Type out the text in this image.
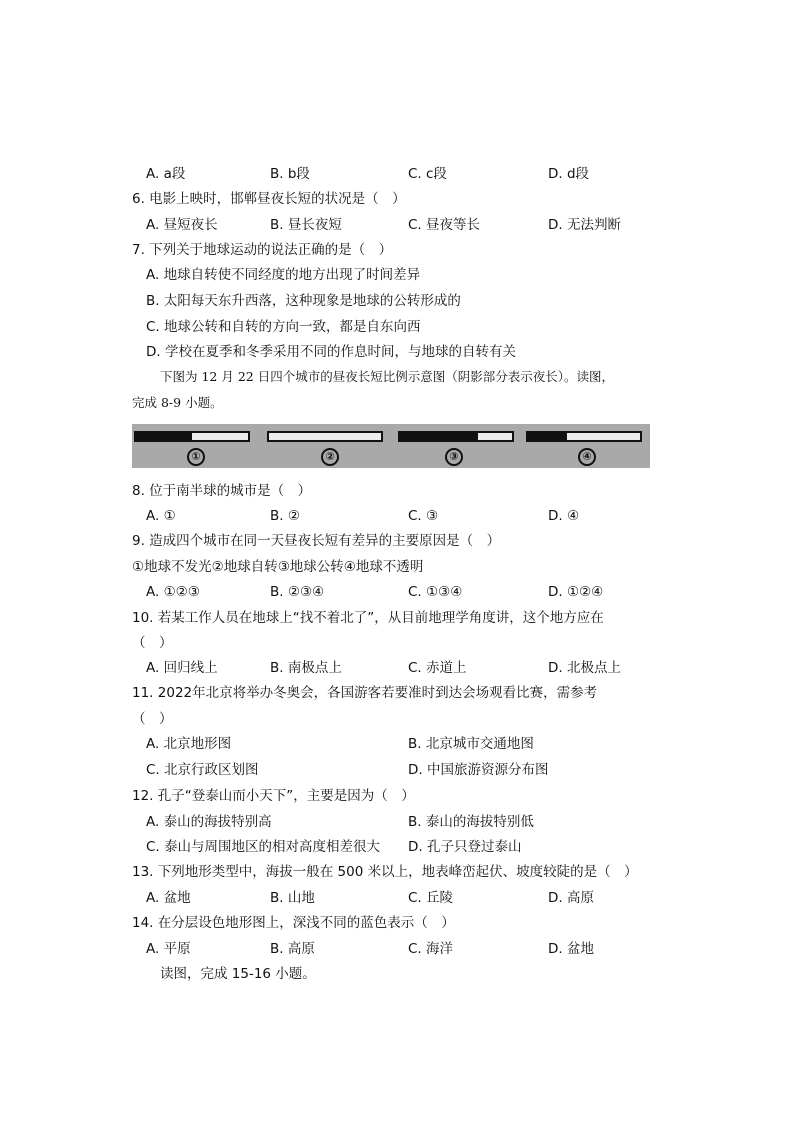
A. a段	B. b段	C. c段	D. d段
6. 电影上映时，邯郸昼夜长短的状况是（　）
A. 昼短夜长	B. 昼长夜短	C. 昼夜等长	D. 无法判断
7. 下列关于地球运动的说法正确的是（　）
A. 地球自转使不同经度的地方出现了时间差异
B. 太阳每天东升西落，这种现象是地球的公转形成的
C. 地球公转和自转的方向一致，都是自东向西
D. 学校在夏季和冬季采用不同的作息时间，与地球的自转有关
下图为 12 月 22 日四个城市的昼夜长短比例示意图（阴影部分表示夜长）。读图，
完成 8-9 小题。
①	②	③	④
8. 位于南半球的城市是（　）
A. ①	B. ②	C. ③	D. ④
9. 造成四个城市在同一天昼夜长短有差异的主要原因是（　）
①地球不发光②地球自转③地球公转④地球不透明
A. ①②③	B. ②③④	C. ①③④	D. ①②④
10. 若某工作人员在地球上“找不着北了”，从目前地理学角度讲，这个地方应在
（　）
A. 回归线上	B. 南极点上	C. 赤道上	D. 北极点上
11. 2022年北京将举办冬奥会，各国游客若要准时到达会场观看比赛，需参考
（　）
A. 北京地形图	B. 北京城市交通地图
C. 北京行政区划图	D. 中国旅游资源分布图
12. 孔子“登泰山而小天下”，主要是因为（　）
A. 泰山的海拔特别高	B. 泰山的海拔特别低
C. 泰山与周围地区的相对高度相差很大 D. 孔子只登过泰山
13. 下列地形类型中，海拔一般在 500 米以上，地表峰峦起伏、坡度较陡的是（　）
A. 盆地	B. 山地	C. 丘陵	D. 高原
14. 在分层设色地形图上，深浅不同的蓝色表示（　）
A. 平原	B. 高原	C. 海洋	D. 盆地
读图，完成 15-16 小题。
